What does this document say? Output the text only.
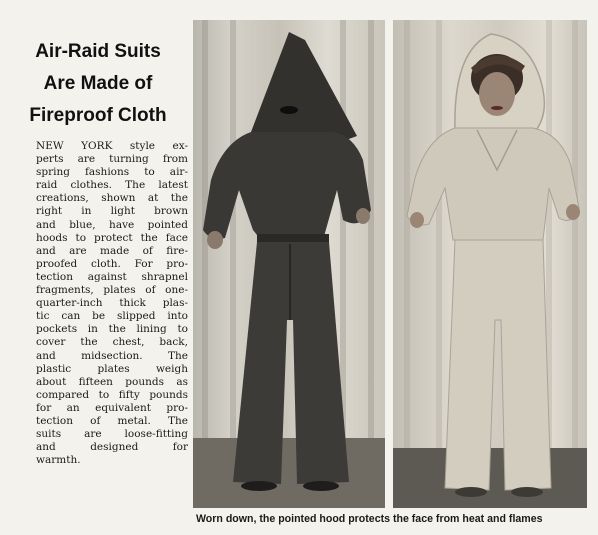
Air-Raid Suits
Are Made of
Fireproof Cloth
NEW YORK style ex-
perts are turning from
spring fashions to air-
raid clothes. The latest
creations, shown at the
right in light brown
and blue, have pointed
hoods to protect the face
and are made of fire-
proofed cloth. For pro-
tection against shrapnel
fragments, plates of one-
quarter-inch thick plas-
tic can be slipped into
pockets in the lining to
cover the chest, back,
and midsection. The
plastic plates weigh
about fifteen pounds as
compared to fifty pounds
for an equivalent pro-
tection of metal. The
suits are loose-fitting
and designed for
warmth.
Worn down, the pointed hood protects the face from heat and flames
